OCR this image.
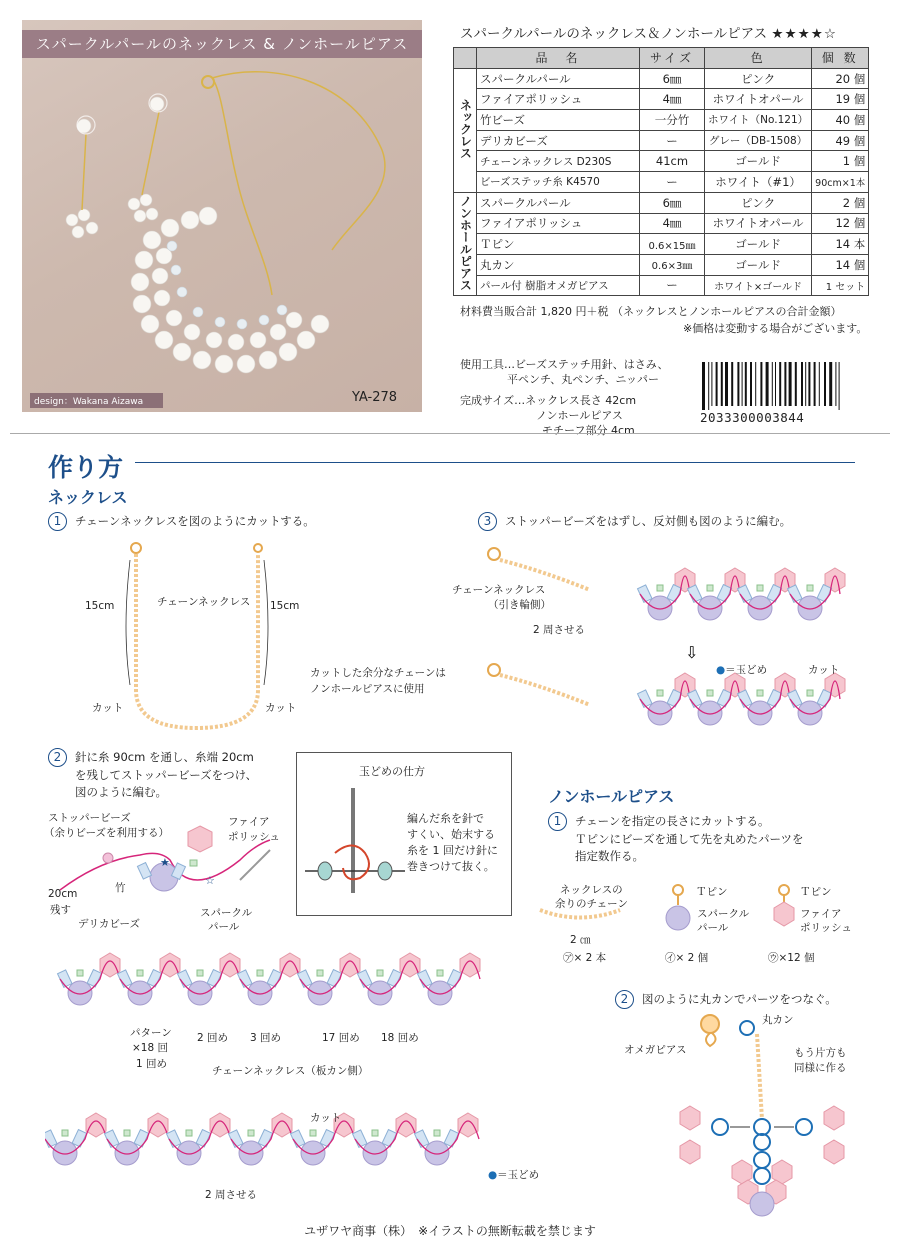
スパークルパールのネックレス & ノンホールピアス
design：Wakana Aizawa	YA-278
スパークルパールのネックレス＆ノンホールピアス ★★★★☆
	品　名	サイズ	色	個 数
ネックレス	スパークルパール	6㎜	ピンク	20 個
	ファイアポリッシュ	4㎜	ホワイトオパール	19 個
	竹ビーズ	一分竹	ホワイト（No.121）	40 個
	デリカビーズ	ー	グレー（DB-1508）	49 個
	チェーンネックレス D230S	41cm	ゴールド	1 個
	ビーズステッチ糸 K4570	ー	ホワイト（#1）	90cm×1本
ノンホールピアス	スパークルパール	6㎜	ピンク	2 個
	ファイアポリッシュ	4㎜	ホワイトオパール	12 個
	Ｔピン	0.6×15㎜	ゴールド	14 本
	丸カン	0.6×3㎜	ゴールド	14 個
	パール付 樹脂オメガピアス	ー	ホワイト×ゴールド	1 セット
材料費当販合計 1,820 円＋税 （ネックレスとノンホールピアスの合計金額）
※価格は変動する場合がございます。
使用工具…ビーズステッチ用針、はさみ、
平ペンチ、丸ペンチ、ニッパー
完成サイズ…ネックレス長さ 42cm
ノンホールピアス
モチーフ部分 4cm
2033300003844
作り方
ネックレス
1 チェーンネックレスを図のようにカットする。
15cm	15cm
チェーンネックレス
カット	カット
カットした余分なチェーンは
ノンホールピアスに使用
2 針に糸 90cm を通し、糸端 20cm
を残してストッパービーズをつけ、
図のように編む。
★
☆
ストッパービーズ
（余りビーズを利用する）
ファイア
ポリッシュ
20cm
残す
竹
デリカビーズ
スパークル
パール
玉どめの仕方
編んだ糸を針で
すくい、始末する
糸を 1 回だけ針に
巻きつけて抜く。
パターン
×18 回
1 回め
2 回め 3 回め	17 回め 18 回め
チェーンネックレス（板カン側）
カット
2 周させる
●＝玉どめ
3 ストッパービーズをはずし、反対側も図のように編む。
⇩
チェーンネックレス
（引き輪側）
2 周させる
●＝玉どめ	カット
ノンホールピアス
1 チェーンを指定の長さにカットする。
Ｔピンにビーズを通して先を丸めたパーツを
指定数作る。
ネックレスの
余りのチェーン
2 ㎝
Ｔピン
スパークル
パール
Ｔピン
ファイア
ポリッシュ
㋐× 2 本	㋑× 2 個	㋒×12 個
2 図のように丸カンでパーツをつなぐ。
丸カン
オメガピアス	もう片方も
同様に作る
ユザワヤ商事（株）　※イラストの無断転載を禁じます
